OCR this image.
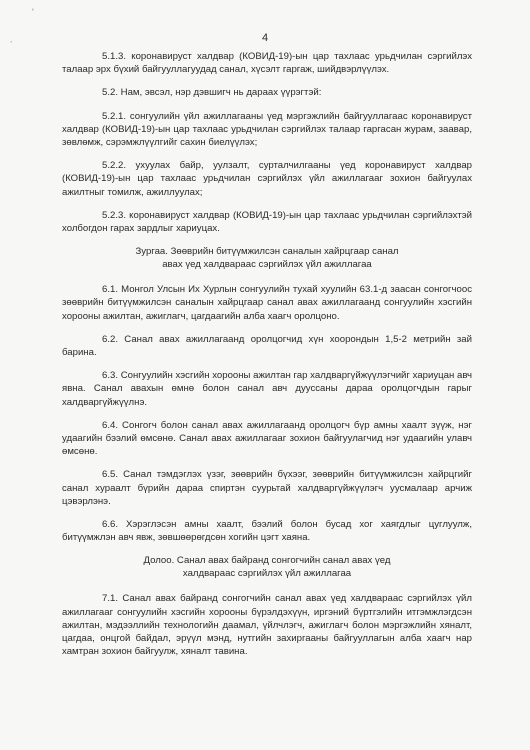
ʼ
ˎ	4

5.1.3. коронавируст халдвар (КОВИД-19)-ын цар тахлаас урьдчилан сэргийлэх талаар эрх бүхий байгууллагуудад санал, хүсэлт гаргаж, шийдвэрлүүлэх.

5.2. Нам, эвсэл, нэр дэвшигч нь дараах үүрэгтэй:

5.2.1. сонгуулийн үйл ажиллагааны үед мэргэжлийн байгууллагаас коронавируст халдвар (КОВИД-19)-ын цар тахлаас урьдчилан сэргийлэх талаар гаргасан журам, заавар, зөвлөмж, сэрэмжлүүлгийг сахин биелүүлэх;

5.2.2. ухуулах байр, уулзалт, сурталчилгааны үед коронавируст халдвар (КОВИД-19)-ын цар тахлаас урьдчилан сэргийлэх үйл ажиллагааг зохион байгуулах ажилтныг томилж, ажиллуулах;

5.2.3. коронавируст халдвар (КОВИД-19)-ын цар тахлаас урьдчилан сэргийлэхтэй холбогдон гарах зардлыг хариуцах.

Зургаа. Зөөврийн битүүмжилсэн саналын хайрцгаар санал
авах үед халдвараас сэргийлэх үйл ажиллагаа

6.1. Монгол Улсын Их Хурлын сонгуулийн тухай хуулийн 63.1-д заасан сонгогчоос зөөврийн битүүмжилсэн саналын хайрцгаар санал авах ажиллагаанд сонгуулийн хэсгийн хорооны ажилтан, ажиглагч, цагдаагийн алба хаагч оролцоно.

6.2. Санал авах ажиллагаанд оролцогчид хүн хоорондын 1,5-2 метрийн зай барина.

6.3. Сонгуулийн хэсгийн хорооны ажилтан гар халдваргүйжүүлэгчийг хариуцан авч явна. Санал авахын өмнө болон санал авч дууссаны дараа оролцогчдын гарыг халдваргүйжүүлнэ.

6.4. Сонгогч болон санал авах ажиллагаанд оролцогч бүр амны хаалт зүүж, нэг удаагийн бээлий өмсөнө. Санал авах ажиллагааг зохион байгуулагчид нэг удаагийн улавч өмсөнө.

6.5. Санал тэмдэглэх үзэг, зөөврийн бүхээг, зөөврийн битүүмжилсэн хайрцгийг санал хураалт бүрийн дараа спиртэн суурьтай халдваргүйжүүлэгч уусмалаар арчиж цэвэрлэнэ.

6.6. Хэрэглэсэн амны хаалт, бээлий болон бусад хог хаягдлыг цуглуулж, битүүмжлэн авч явж, зөвшөөрөгдсөн хогийн цэгт хаяна.

Долоо. Санал авах байранд сонгогчийн санал авах үед
халдвараас сэргийлэх үйл ажиллагаа

7.1. Санал авах байранд сонгогчийн санал авах үед халдвараас сэргийлэх үйл ажиллагааг сонгуулийн хэсгийн хорооны бүрэлдэхүүн, иргэний бүртгэлийн итгэмжлэгдсэн ажилтан, мэдээллийн технологийн даамал, үйлчлэгч, ажиглагч болон мэргэжлийн хяналт, цагдаа, онцгой байдал, эрүүл мэнд, нутгийн захиргааны байгууллагын алба хаагч нар хамтран зохион байгуулж, хяналт тавина.
